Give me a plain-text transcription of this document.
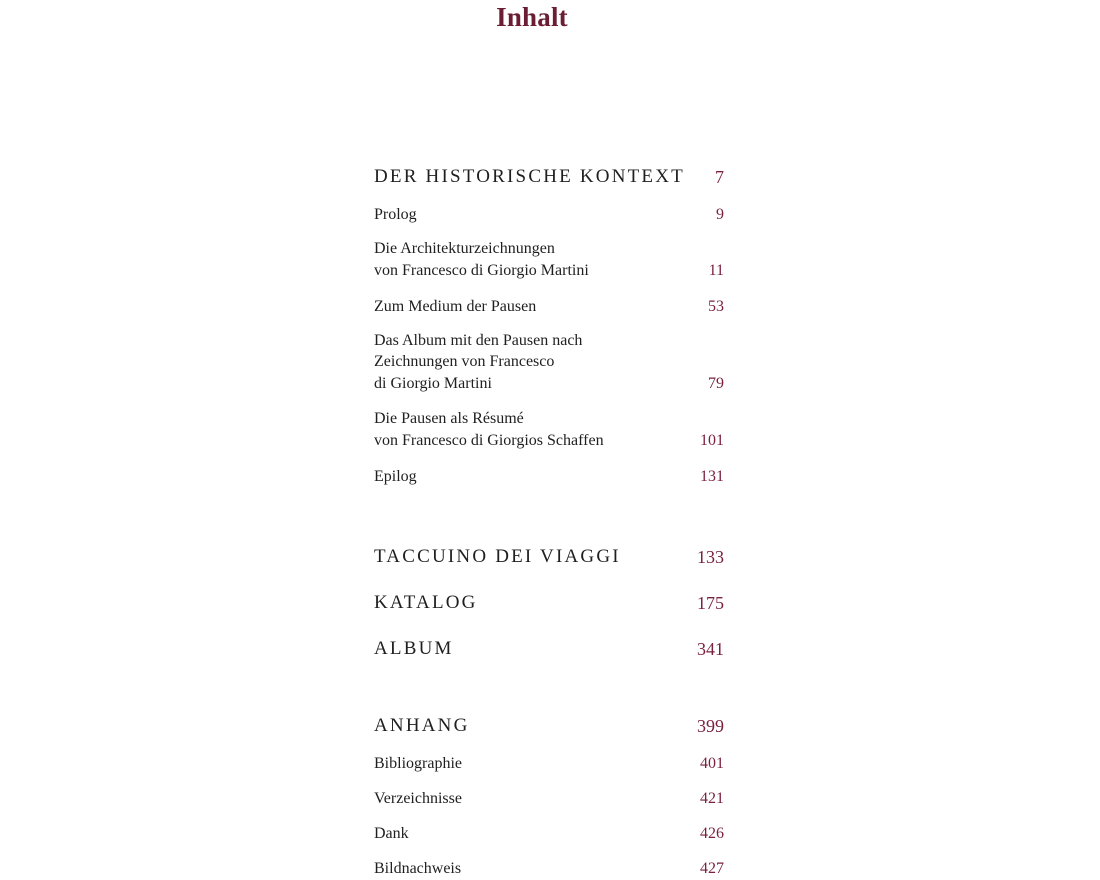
Inhalt
DER HISTORISCHE KONTEXT 7
Prolog	9
Die Architekturzeichnungen
von Francesco di Giorgio Martini	11
Zum Medium der Pausen	53
Das Album mit den Pausen nach
Zeichnungen von Francesco
di Giorgio Martini	79
Die Pausen als Résumé
von Francesco di Giorgios Schaffen	101
Epilog	131
TACCUINO DEI VIAGGI	133
KATALOG	175
ALBUM	341
ANHANG	399
Bibliographie	401
Verzeichnisse	421
Dank	426
Bildnachweis	427
